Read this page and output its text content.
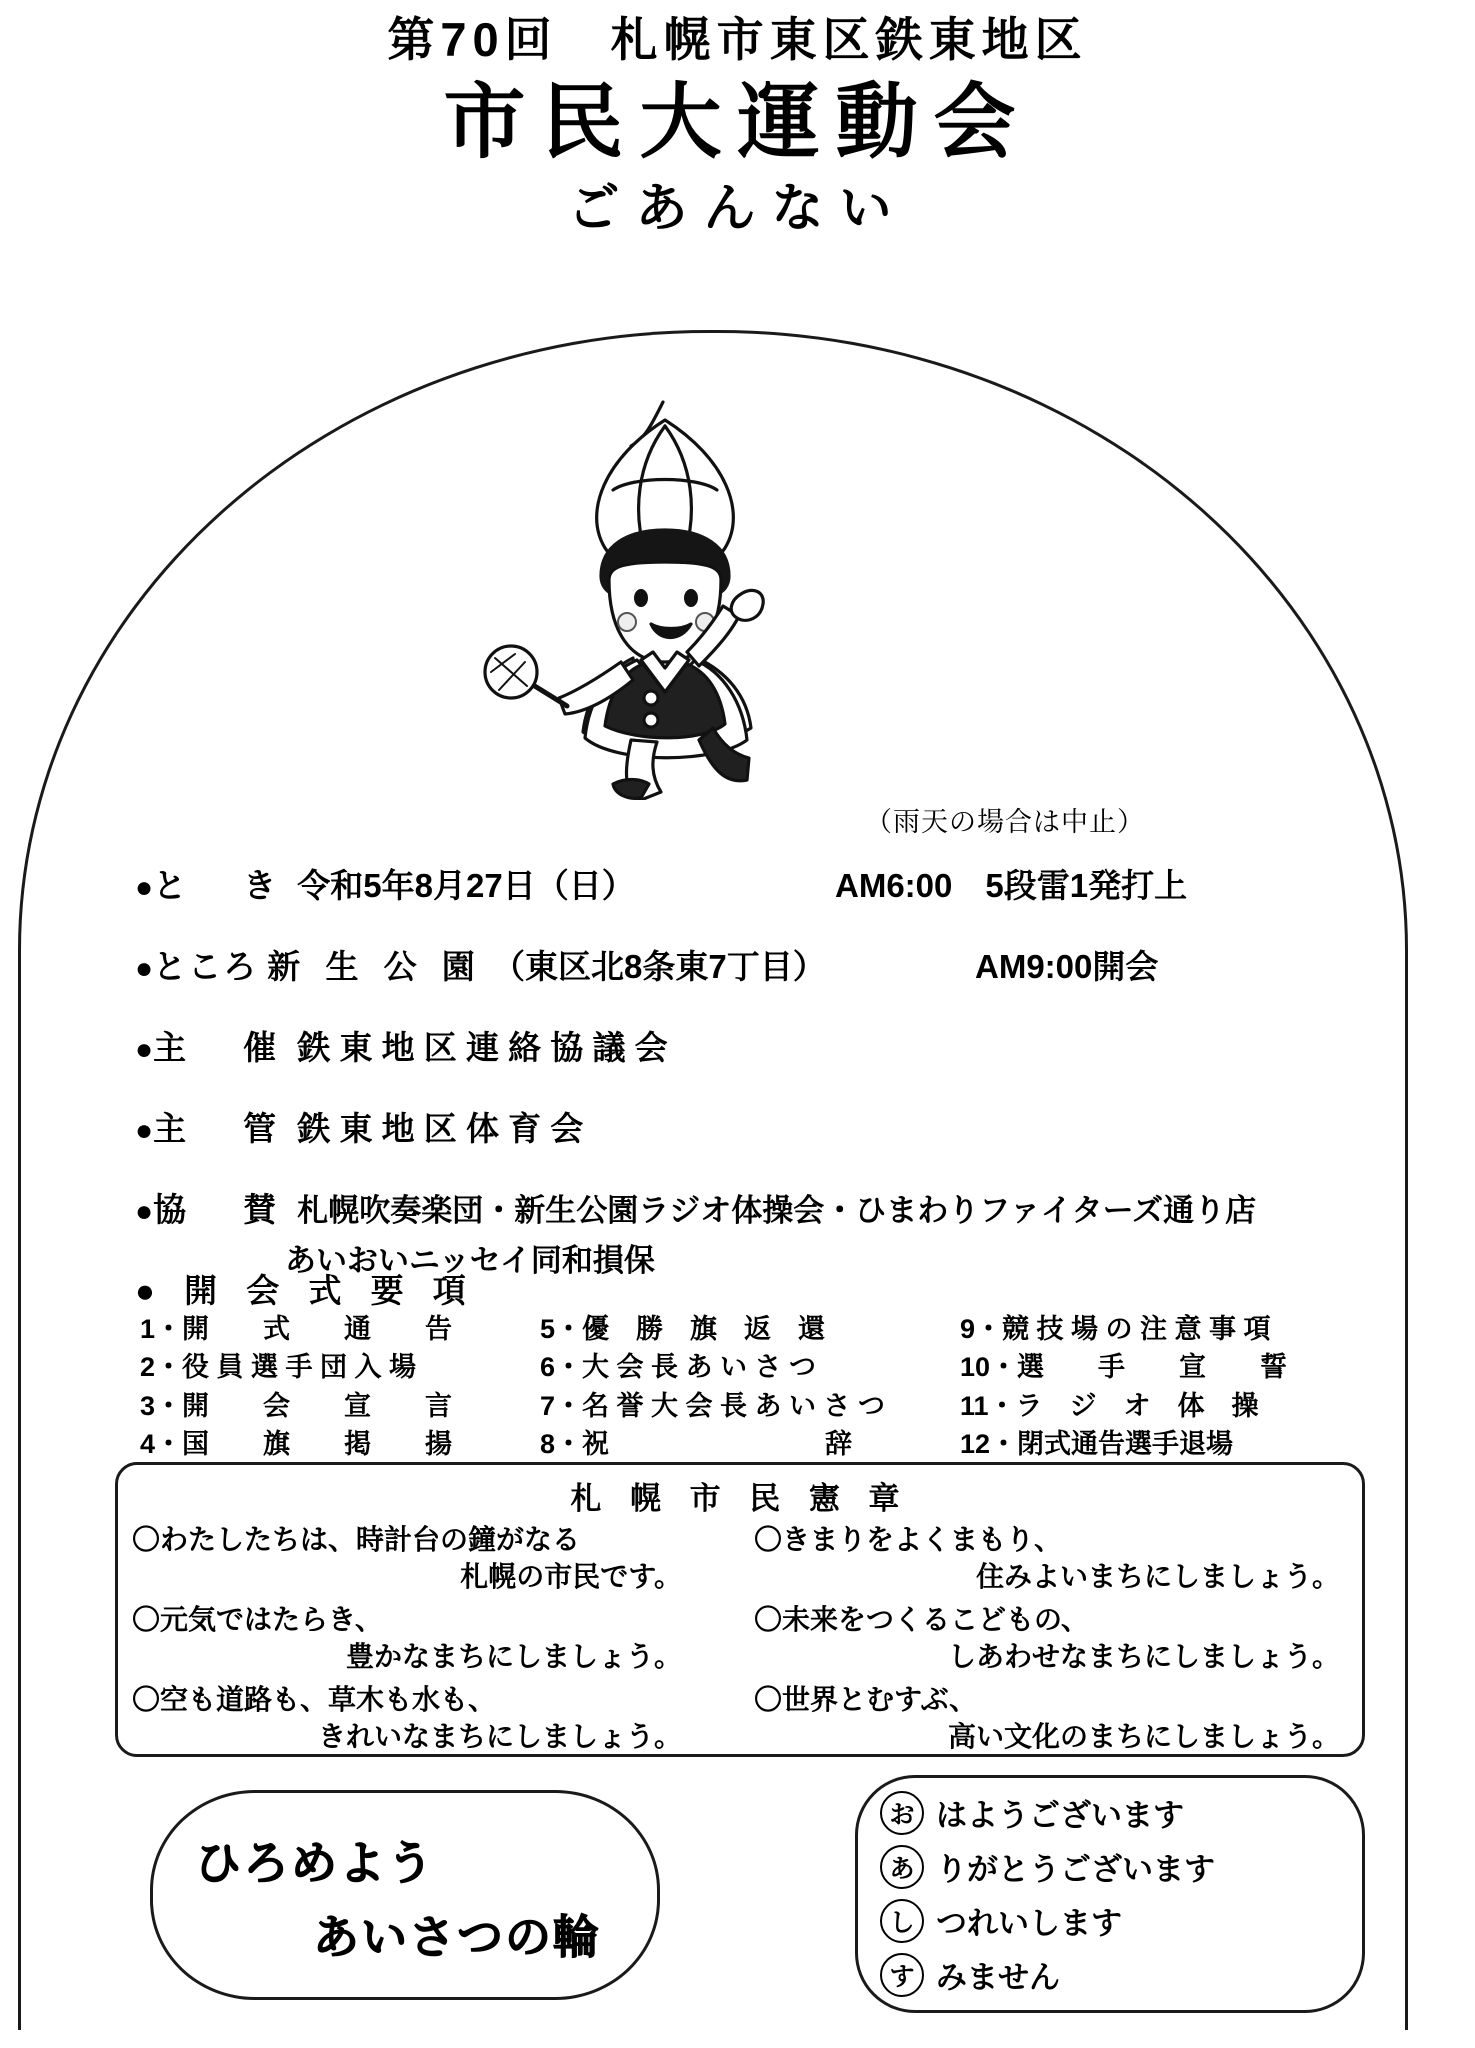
第70回　札幌市東区鉄東地区
市民大運動会
ごあんない
（雨天の場合は中止）
●と　き 令和5年8月27日（日）	AM6:00　5段雷1発打上
●ところ 新 生 公 園 （東区北8条東7丁目）	AM9:00開会
●主　催 鉄 東 地 区 連 絡 協 議 会
●主　管 鉄 東 地 区 体 育 会
●協　賛 札幌吹奏楽団・新生公園ラジオ体操会・ひまわりファイターズ通り店
あいおいニッセイ同和損保
● 開 会 式 要 項
1・開　　式　　通　　告	5・優　勝　旗　返　還	9・競 技 場 の 注 意 事 項
2・役 員 選 手 団 入 場	6・大 会 長 あ い さ つ	10・選　　手　　宣　　誓
3・開　　会　　宣　　言	7・名 誉 大 会 長 あ い さ つ	11・ラ　ジ　オ　体　操
4・国　　旗　　掲　　揚	8・祝　　　　　　　　辞	12・閉式通告選手退場
札 幌 市 民 憲 章
〇わたしたちは、時計台の鐘がなる
札幌の市民です。
〇元気ではたらき、
豊かなまちにしましょう。
〇空も道路も、草木も水も、
きれいなまちにしましょう。
〇きまりをよくまもり、
住みよいまちにしましょう。
〇未来をつくるこどもの、
しあわせなまちにしましょう。
〇世界とむすぶ、
高い文化のまちにしましょう。
ひろめよう
あいさつの輪
お はようございます
あ りがとうございます
し つれいします
す みません
